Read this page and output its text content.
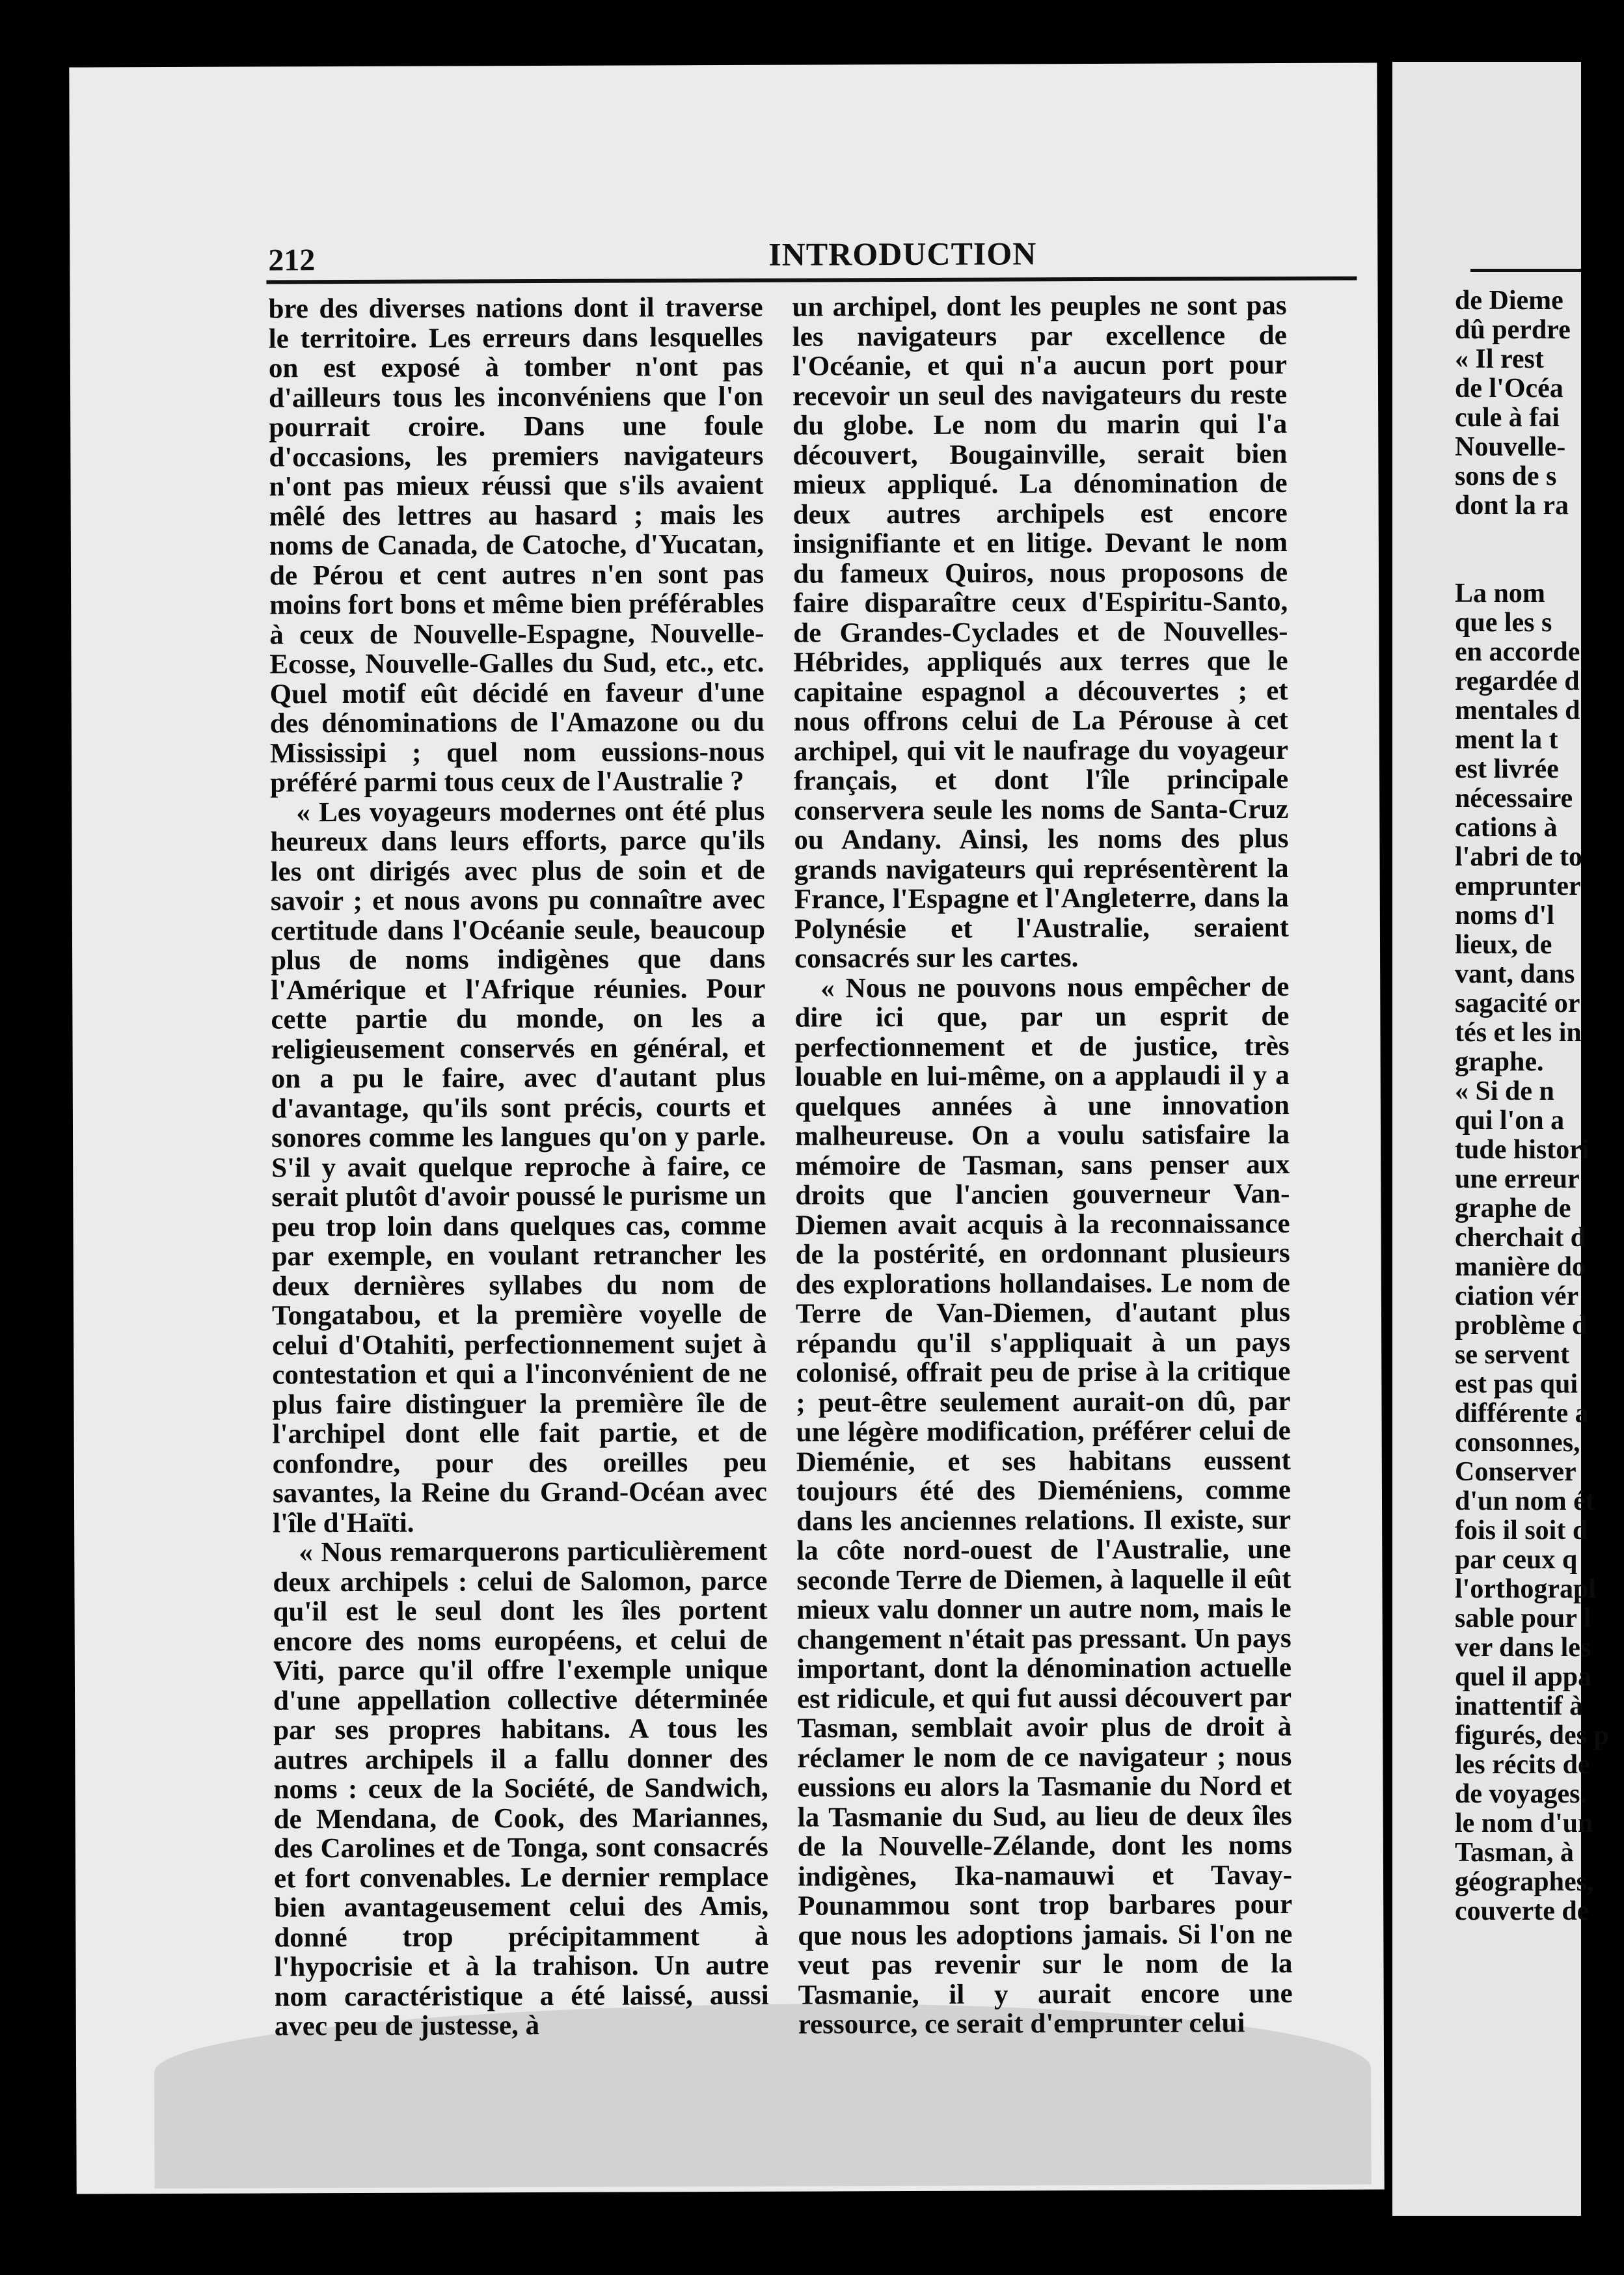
212	INTRODUCTION

bre des diverses nations dont il traverse le territoire. Les erreurs dans lesquelles on est exposé à tomber n'ont pas d'ailleurs tous les inconvéniens que l'on pourrait croire. Dans une foule d'occasions, les premiers navigateurs n'ont pas mieux réussi que s'ils avaient mêlé des lettres au hasard ; mais les noms de Canada, de Catoche, d'Yucatan, de Pérou et cent autres n'en sont pas moins fort bons et même bien préférables à ceux de Nouvelle-Espagne, Nouvelle-Ecosse, Nouvelle-Galles du Sud, etc., etc. Quel motif eût décidé en faveur d'une des dénominations de l'Amazone ou du Mississipi ; quel nom eussions-nous préféré parmi tous ceux de l'Australie ?

« Les voyageurs modernes ont été plus heureux dans leurs efforts, parce qu'ils les ont dirigés avec plus de soin et de savoir ; et nous avons pu connaître avec certitude dans l'Océanie seule, beaucoup plus de noms indigènes que dans l'Amérique et l'Afrique réunies. Pour cette partie du monde, on les a religieusement conservés en général, et on a pu le faire, avec d'autant plus d'avantage, qu'ils sont précis, courts et sonores comme les langues qu'on y parle. S'il y avait quelque reproche à faire, ce serait plutôt d'avoir poussé le purisme un peu trop loin dans quelques cas, comme par exemple, en voulant retrancher les deux dernières syllabes du nom de Tongatabou, et la première voyelle de celui d'Otahiti, perfectionnement sujet à contestation et qui a l'inconvénient de ne plus faire distinguer la première île de l'archipel dont elle fait partie, et de confondre, pour des oreilles peu savantes, la Reine du Grand-Océan avec l'île d'Haïti.

« Nous remarquerons particulièrement deux archipels : celui de Salomon, parce qu'il est le seul dont les îles portent encore des noms européens, et celui de Viti, parce qu'il offre l'exemple unique d'une appellation collective déterminée par ses propres habitans. A tous les autres archipels il a fallu donner des noms : ceux de la Société, de Sandwich, de Mendana, de Cook, des Mariannes, des Carolines et de Tonga, sont consacrés et fort convenables. Le dernier remplace bien avantageusement celui des Amis, donné trop précipitamment à l'hypocrisie et à la trahison. Un autre nom caractéristique a été laissé, aussi avec peu de justesse, à

un archipel, dont les peuples ne sont pas les navigateurs par excellence de l'Océanie, et qui n'a aucun port pour recevoir un seul des navigateurs du reste du globe. Le nom du marin qui l'a découvert, Bougainville, serait bien mieux appliqué. La dénomination de deux autres archipels est encore insignifiante et en litige. Devant le nom du fameux Quiros, nous proposons de faire disparaître ceux d'Espiritu-Santo, de Grandes-Cyclades et de Nouvelles-Hébrides, appliqués aux terres que le capitaine espagnol a découvertes ; et nous offrons celui de La Pérouse à cet archipel, qui vit le naufrage du voyageur français, et dont l'île principale conservera seule les noms de Santa-Cruz ou Andany. Ainsi, les noms des plus grands navigateurs qui représentèrent la France, l'Espagne et l'Angleterre, dans la Polynésie et l'Australie, seraient consacrés sur les cartes.

« Nous ne pouvons nous empêcher de dire ici que, par un esprit de perfectionnement et de justice, très louable en lui-même, on a applaudi il y a quelques années à une innovation malheureuse. On a voulu satisfaire la mémoire de Tasman, sans penser aux droits que l'ancien gouverneur Van-Diemen avait acquis à la reconnaissance de la postérité, en ordonnant plusieurs des explorations hollandaises. Le nom de Terre de Van-Diemen, d'autant plus répandu qu'il s'appliquait à un pays colonisé, offrait peu de prise à la critique ; peut-être seulement aurait-on dû, par une légère modification, préférer celui de Dieménie, et ses habitans eussent toujours été des Dieméniens, comme dans les anciennes relations. Il existe, sur la côte nord-ouest de l'Australie, une seconde Terre de Diemen, à laquelle il eût mieux valu donner un autre nom, mais le changement n'était pas pressant. Un pays important, dont la dénomination actuelle est ridicule, et qui fut aussi découvert par Tasman, semblait avoir plus de droit à réclamer le nom de ce navigateur ; nous eussions eu alors la Tasmanie du Nord et la Tasmanie du Sud, au lieu de deux îles de la Nouvelle-Zélande, dont les noms indigènes, Ika-namauwi et Tavay-Pounammou sont trop barbares pour que nous les adoptions jamais. Si l'on ne veut pas revenir sur le nom de la Tasmanie, il y aurait encore une ressource, ce serait d'emprunter celui

de Dieme
dû perdre
« Il rest
de l'Océa
cule à fai
Nouvelle-
sons de s
dont la ra
La nom
que les s
en accorde
regardée d
mentales d
ment la t
est livrée
nécessaire
cations à
l'abri de to
emprunter
noms d'l
lieux, de
vant, dans
sagacité or
tés et les in
graphe.
« Si de n
qui l'on a
tude histori
une erreur
graphe de
cherchait d
manière do
ciation vér
problème d
se servent
est pas qui
différente a
consonnes,
Conserver
d'un nom ét
fois il soit d
par ceux q
l'orthograpl
sable pour l
ver dans les
quel il appa
inattentif à
figurés, des p
les récits de
de voyages.
le nom d'un
Tasman, à
géographes,
couverte de
